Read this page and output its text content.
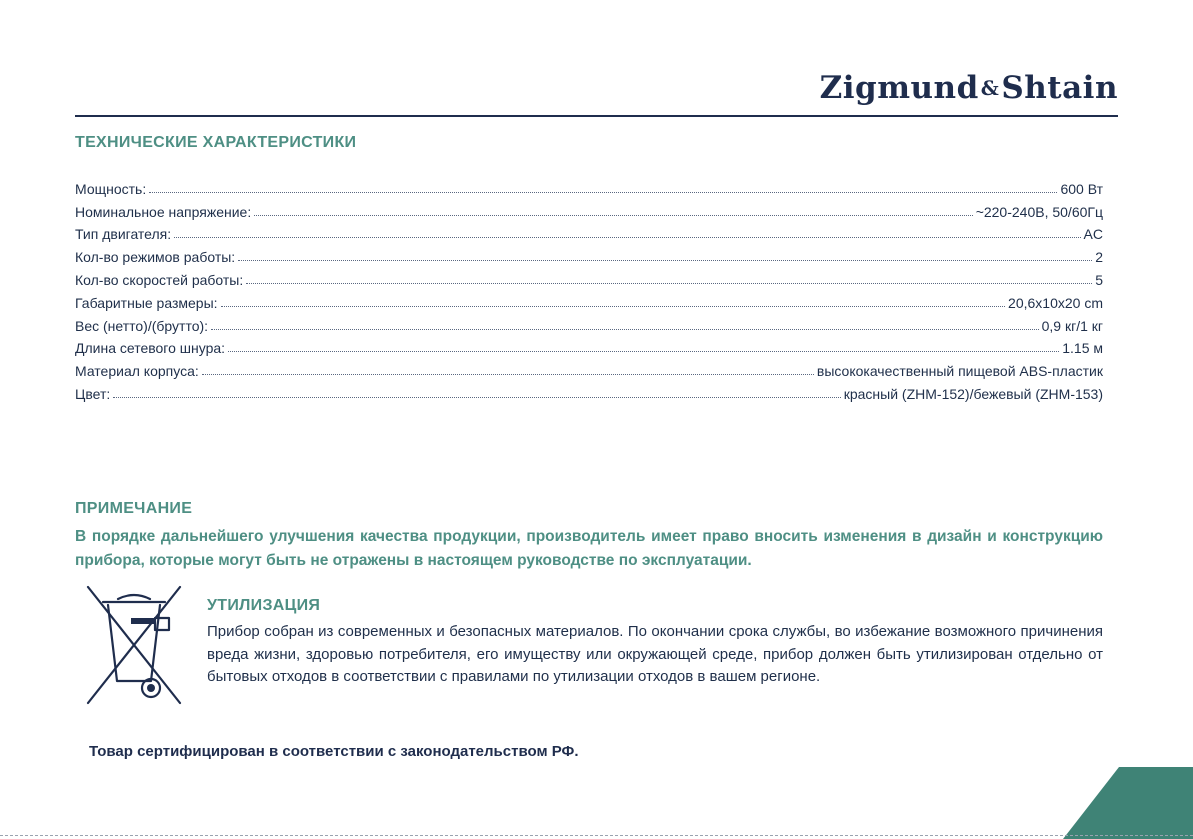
Zigmund &Shtain
ТЕХНИЧЕСКИЕ ХАРАКТЕРИСТИКИ
Мощность:	600 Вт
Номинальное напряжение:	~220-240В, 50/60Гц
Тип двигателя:	AC
Кол-во режимов работы:	2
Кол-во скоростей работы:	5
Габаритные размеры:	20,6x10x20 cm
Вес (нетто)/(брутто):	0,9 кг/1 кг
Длина сетевого шнура:	1.15 м
Материал корпуса:	высококачественный пищевой ABS-пластик
Цвет:	красный (ZHM-152)/бежевый (ZHM-153)
ПРИМЕЧАНИЕ

В порядке дальнейшего улучшения качества продукции, производитель имеет право вносить изменения в дизайн и конструкцию прибора, которые могут быть не отражены в настоящем руководстве по эксплуатации.

УТИЛИЗАЦИЯ

Прибор собран из современных и безопасных материалов. По окончании срока службы, во избежание возможного причинения вреда жизни, здоровью потребителя, его имуществу или окружающей среде, прибор должен быть утилизирован отдельно от бытовых отходов в соответствии с правилами по утилизации отходов в вашем регионе.

Товар сертифицирован в соответствии с законодательством РФ.
